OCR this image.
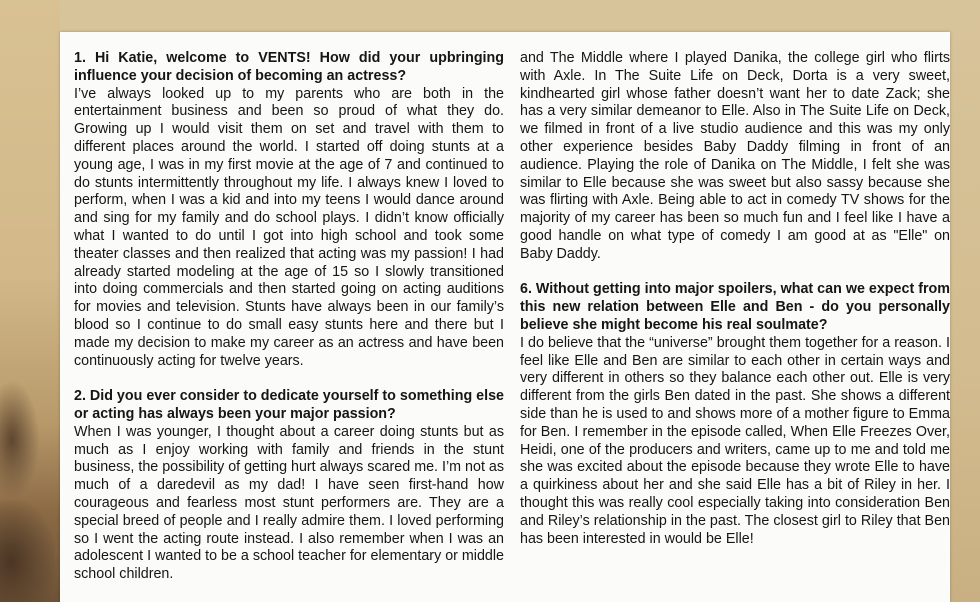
1. Hi Katie, welcome to VENTS! How did your upbringing influence your decision of becoming an actress?

I’ve always looked up to my parents who are both in the entertainment business and been so proud of what they do. Growing up I would visit them on set and travel with them to different places around the world. I started off doing stunts at a young age, I was in my first movie at the age of 7 and continued to do stunts intermittently throughout my life. I always knew I loved to perform, when I was a kid and into my teens I would dance around and sing for my family and do school plays. I didn’t know officially what I wanted to do until I got into high school and took some theater classes and then realized that acting was my passion! I had already started modeling at the age of 15 so I slowly transitioned into doing commercials and then started going on acting auditions for movies and television. Stunts have always been in our family’s blood so I continue to do small easy stunts here and there but I made my decision to make my career as an actress and have been continuously acting for twelve years.

2. Did you ever consider to dedicate yourself to something else or acting has always been your major passion?

When I was younger, I thought about a career doing stunts but as much as I enjoy working with family and friends in the stunt business, the possibility of getting hurt always scared me. I’m not as much of a daredevil as my dad! I have seen first-hand how courageous and fearless most stunt performers are. They are a special breed of people and I really admire them. I loved performing so I went the acting route instead. I also remember when I was an adolescent I wanted to be a school teacher for elementary or middle school children.

and The Middle where I played Danika, the college girl who flirts with Axle. In The Suite Life on Deck, Dorta is a very sweet, kindhearted girl whose father doesn’t want her to date Zack; she has a very similar demeanor to Elle. Also in The Suite Life on Deck, we filmed in front of a live studio audience and this was my only other experience besides Baby Daddy filming in front of an audience. Playing the role of Danika on The Middle, I felt she was similar to Elle because she was sweet but also sassy because she was flirting with Axle. Being able to act in comedy TV shows for the majority of my career has been so much fun and I feel like I have a good handle on what type of comedy I am good at as "Elle" on Baby Daddy.

6. Without getting into major spoilers, what can we expect from this new relation between Elle and Ben - do you personally believe she might become his real soulmate?

I do believe that the “universe” brought them together for a reason. I feel like Elle and Ben are similar to each other in certain ways and very different in others so they balance each other out. Elle is very different from the girls Ben dated in the past. She shows a different side than he is used to and shows more of a mother figure to Emma for Ben. I remember in the episode called, When Elle Freezes Over, Heidi, one of the producers and writers, came up to me and told me she was excited about the episode because they wrote Elle to have a quirkiness about her and she said Elle has a bit of Riley in her. I thought this was really cool especially taking into consideration Ben and Riley’s relationship in the past. The closest girl to Riley that Ben has been interested in would be Elle!
